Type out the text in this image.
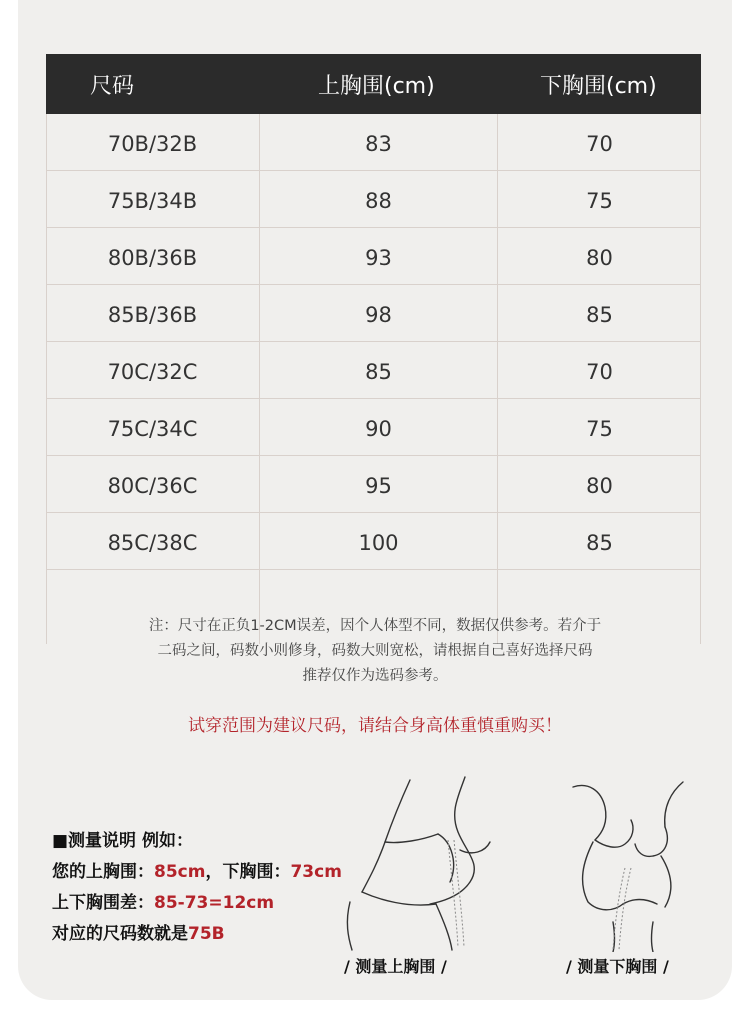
尺码	上胸围(cm)	下胸围(cm)
70B/32B	83	70
75B/34B	88	75
80B/36B	93	80
85B/36B	98	85
70C/32C	85	70
75C/34C	90	75
80C/36C	95	80
85C/38C	100	85
注：尺寸在正负1-2CM误差，因个人体型不同，数据仅供参考。若介于
二码之间，码数小则修身，码数大则宽松，请根据自己喜好选择尺码
推荐仅作为选码参考。
试穿范围为建议尺码，请结合身高体重慎重购买！
■测量说明 例如：
您的上胸围：85cm，下胸围：73cm
上下胸围差：85-73=12cm
对应的尺码数就是75B
/ 测量上胸围 /	/ 测量下胸围 /
